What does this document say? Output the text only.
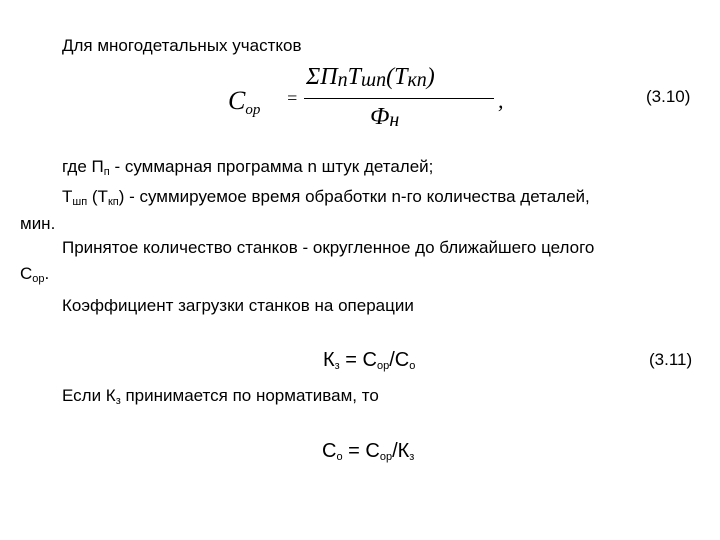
Для многодетальных участков
$C_{ор}$
=
ΣПпTшп(Tкп)
Фн
,	(3.10)
где $П_п$ - суммарная программа n штук деталей;
$Т_{шп}$ $(Т_{кп})$ - суммируемое время обработки n-го количества деталей,
мин.
Принятое количество станков - округленное до ближайшего целого
$С_{ор}$.
Коэффициент загрузки станков на операции
$К_з = С_{ор}/С_о$	(3.11)
Если $К_з$ принимается по нормативам, то
$С_о = С_{ор}/К_з$
